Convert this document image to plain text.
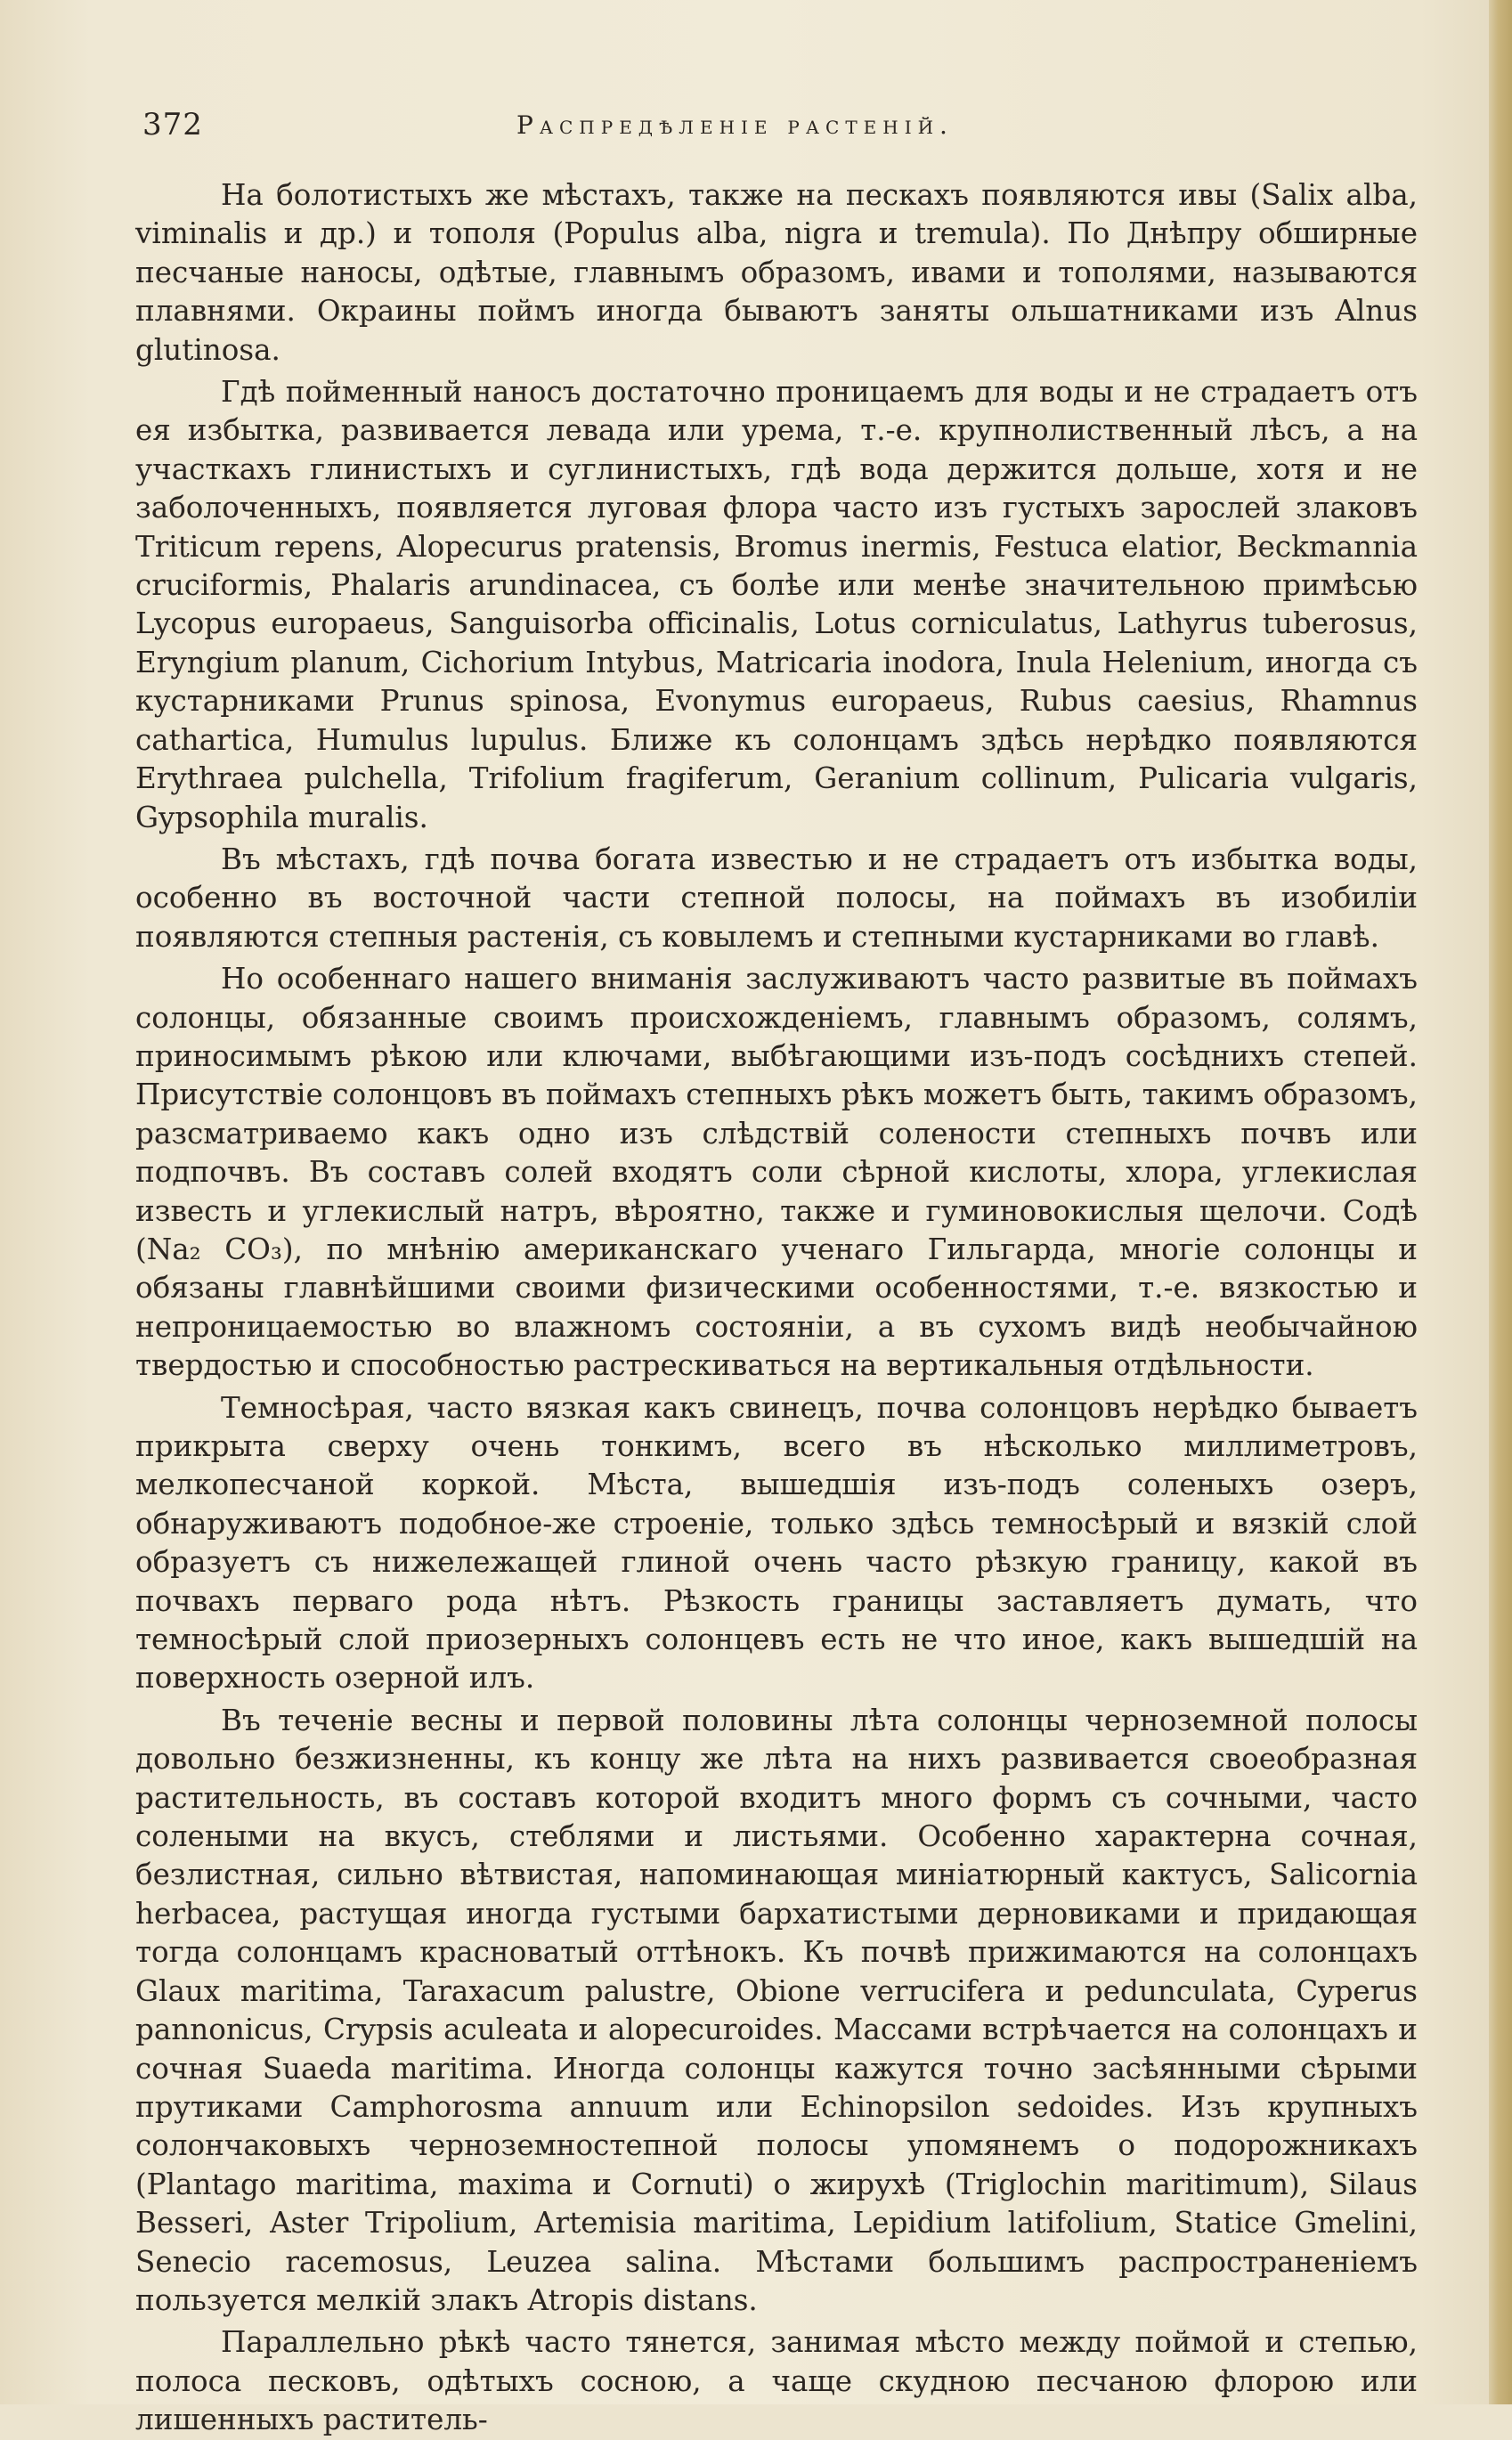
372	Распредѣленіе растеній.

На болотистыхъ же мѣстахъ, также на пескахъ появляются ивы (Salix alba, viminalis и др.) и тополя (Populus alba, nigra и tremula). По Днѣпру обширные песчаные наносы, одѣтые, главнымъ образомъ, ивами и тополями, называются плавнями. Окраины поймъ иногда бываютъ заняты ольшатниками изъ Alnus glutinosa.

Гдѣ пойменный наносъ достаточно проницаемъ для воды и не страдаетъ отъ ея избытка, развивается левада или урема, т.-е. крупнолиственный лѣсъ, а на участкахъ глинистыхъ и суглинистыхъ, гдѣ вода держится дольше, хотя и не заболоченныхъ, появляется луговая флора часто изъ густыхъ зарослей злаковъ Triticum repens, Alopecurus pratensis, Bromus inermis, Festuca elatior, Beckmannia cruciformis, Phalaris arundinacea, съ болѣе или менѣе значительною примѣсью Lycopus europaeus, Sanguisorba officinalis, Lotus corniculatus, Lathyrus tuberosus, Eryngium planum, Cichorium Intybus, Matricaria inodora, Inula Helenium, иногда съ кустарниками Prunus spinosa, Evonymus europaeus, Rubus caesius, Rhamnus cathartica, Humulus lupulus. Ближе къ солонцамъ здѣсь нерѣдко появляются Erythraea pulchella, Trifolium fragiferum, Geranium collinum, Pulicaria vulgaris, Gypsophila muralis.

Въ мѣстахъ, гдѣ почва богата известью и не страдаетъ отъ избытка воды, особенно въ восточной части степной полосы, на поймахъ въ изобиліи появляются степныя растенія, съ ковылемъ и степными кустарниками во главѣ.

Но особеннаго нашего вниманія заслуживаютъ часто развитые въ поймахъ солонцы, обязанные своимъ происхожденіемъ, главнымъ образомъ, солямъ, приносимымъ рѣкою или ключами, выбѣгающими изъ-подъ сосѣднихъ степей. Присутствіе солонцовъ въ поймахъ степныхъ рѣкъ можетъ быть, такимъ образомъ, разсматриваемо какъ одно изъ слѣдствій солености степныхъ почвъ или подпочвъ. Въ составъ солей входятъ соли сѣрной кислоты, хлора, углекислая известь и углекислый натръ, вѣроятно, также и гуминовокислыя щелочи. Содѣ (Na₂ CO₃), по мнѣнію американскаго ученаго Гильгарда, многіе солонцы и обязаны главнѣйшими своими физическими особенностями, т.-е. вязкостью и непроницаемостью во влажномъ состояніи, а въ сухомъ видѣ необычайною твердостью и способностью растрескиваться на вертикальныя отдѣльности.

Темносѣрая, часто вязкая какъ свинецъ, почва солонцовъ нерѣдко бываетъ прикрыта сверху очень тонкимъ, всего въ нѣсколько миллиметровъ, мелкопесчаной коркой. Мѣста, вышедшія изъ-подъ соленыхъ озеръ, обнаруживаютъ подобное-же строеніе, только здѣсь темносѣрый и вязкій слой образуетъ съ нижележащей глиной очень часто рѣзкую границу, какой въ почвахъ перваго рода нѣтъ. Рѣзкость границы заставляетъ думать, что темносѣрый слой приозерныхъ солонцевъ есть не что иное, какъ вышедшій на поверхность озерной илъ.

Въ теченіе весны и первой половины лѣта солонцы черноземной полосы довольно безжизненны, къ концу же лѣта на нихъ развивается своеобразная растительность, въ составъ которой входитъ много формъ съ сочными, часто солеными на вкусъ, стеблями и листьями. Особенно характерна сочная, безлистная, сильно вѣтвистая, напоминающая миніатюрный кактусъ, Salicornia herbacea, растущая иногда густыми бархатистыми дерновиками и придающая тогда солонцамъ красноватый оттѣнокъ. Къ почвѣ прижимаются на солонцахъ Glaux maritima, Taraxacum palustre, Obione verrucifera и pedunculata, Cyperus pannonicus, Crypsis aculeata и alopecuroides. Массами встрѣчается на солонцахъ и сочная Suaeda maritima. Иногда солонцы кажутся точно засѣянными сѣрыми прутиками Camphorosma annuum или Echinopsilon sedoides. Изъ крупныхъ солончаковыхъ черноземностепной полосы упомянемъ о подорожникахъ (Plantago maritima, maxima и Cornuti) о жирухѣ (Triglochin maritimum), Silaus Besseri, Aster Tripolium, Artemisia maritima, Lepidium latifolium, Statice Gmelini, Senecio racemosus, Leuzea salina. Мѣстами большимъ распространеніемъ пользуется мелкій злакъ Atropis distans.

Параллельно рѣкѣ часто тянется, занимая мѣсто между поймой и степью, полоса песковъ, одѣтыхъ сосною, а чаще скудною песчаною флорою или лишенныхъ раститель-
